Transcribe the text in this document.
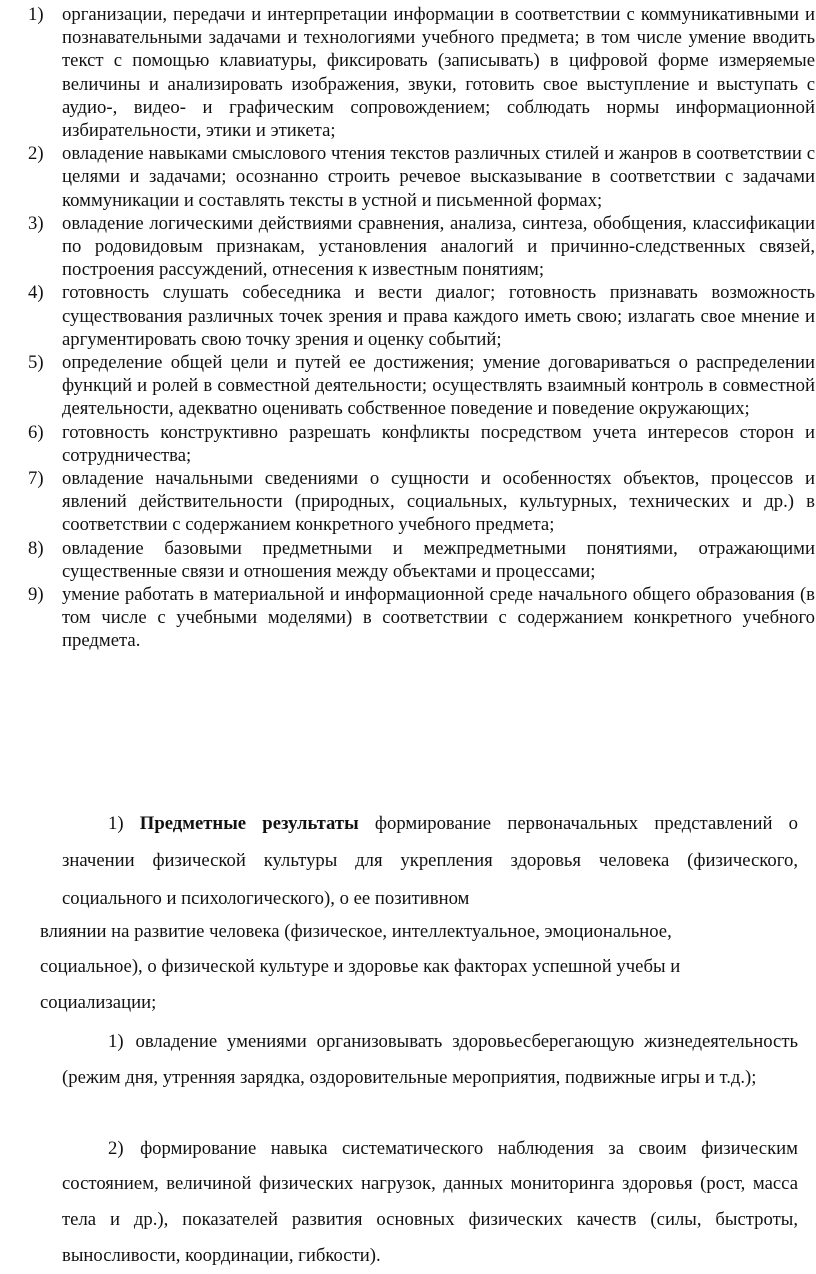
1) организации, передачи и интерпретации информации в соответствии с коммуникативными и познавательными задачами и технологиями учебного предмета; в том числе умение вводить текст с помощью клавиатуры, фиксировать (записывать) в цифровой форме измеряемые величины и анализировать изображения, звуки, готовить свое выступление и выступать с аудио-, видео- и графическим сопровождением; соблюдать нормы информационной избирательности, этики и этикета;
2) овладение навыками смыслового чтения текстов различных стилей и жанров в соответствии с целями и задачами; осознанно строить речевое высказывание в соответствии с задачами коммуникации и составлять тексты в устной и письменной формах;
3) овладение логическими действиями сравнения, анализа, синтеза, обобщения, классификации по родовидовым признакам, установления аналогий и причинно-следственных связей, построения рассуждений, отнесения к известным понятиям;
4) готовность слушать собеседника и вести диалог; готовность признавать возможность существования различных точек зрения и права каждого иметь свою; излагать свое мнение и аргументировать свою точку зрения и оценку событий;
5) определение общей цели и путей ее достижения; умение договариваться о распределении функций и ролей в совместной деятельности; осуществлять взаимный контроль в совместной деятельности, адекватно оценивать собственное поведение и поведение окружающих;
6) готовность конструктивно разрешать конфликты посредством учета интересов сторон и сотрудничества;
7) овладение начальными сведениями о сущности и особенностях объектов, процессов и явлений действительности (природных, социальных, культурных, технических и др.) в соответствии с содержанием конкретного учебного предмета;
8) овладение базовыми предметными и межпредметными понятиями, отражающими существенные связи и отношения между объектами и процессами;
9) умение работать в материальной и информационной среде начального общего образования (в том числе с учебными моделями) в соответствии с содержанием конкретного учебного предмета.

1) Предметные результаты формирование первоначальных представлений о значении физической культуры для укрепления здоровья человека (физического, социального и психологического), о ее позитивном

влиянии на развитие человека (физическое, интеллектуальное, эмоциональное, социальное), о физической культуре и здоровье как факторах успешной учебы и социализации;

1) овладение умениями организовывать здоровьесберегающую жизнедеятельность (режим дня, утренняя зарядка, оздоровительные мероприятия, подвижные игры и т.д.);

2) формирование навыка систематического наблюдения за своим физическим состоянием, величиной физических нагрузок, данных мониторинга здоровья (рост, масса тела и др.), показателей развития основных физических качеств (силы, быстроты, выносливости, координации, гибкости).
